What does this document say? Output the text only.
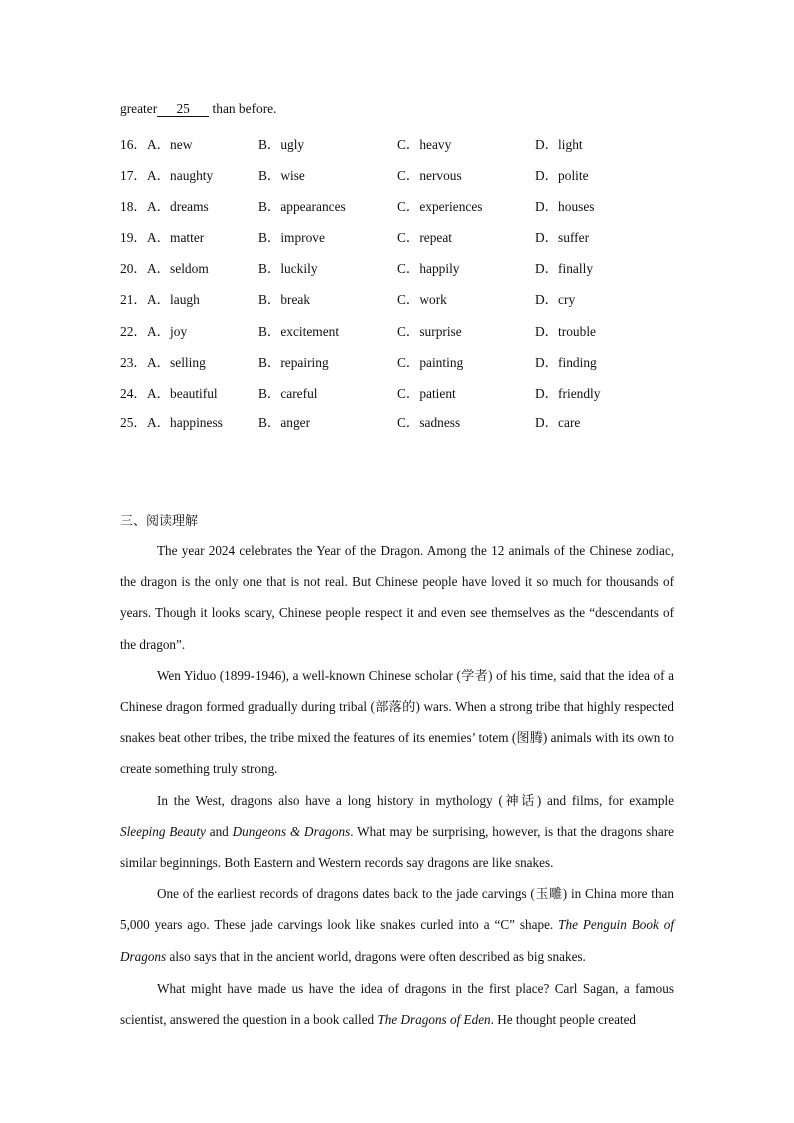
greater 25 than before.
16． A．new	B．ugly	C．heavy	D．light
17． A．naughty	B．wise	C．nervous	D．polite
18． A．dreams	B．appearances	C．experiences	D．houses
19． A．matter	B．improve	C．repeat	D．suffer
20． A．seldom	B．luckily	C．happily	D．finally
21． A．laugh	B．break	C．work	D．cry
22． A．joy	B．excitement	C．surprise	D．trouble
23． A．selling	B．repairing	C．painting	D．finding
24． A．beautiful	B．careful	C．patient	D．friendly
25． A．happiness	B．anger	C．sadness	D．care
三、阅读理解

The year 2024 celebrates the Year of the Dragon. Among the 12 animals of the Chinese zodiac, the dragon is the only one that is not real. But Chinese people have loved it so much for thousands of years. Though it looks scary, Chinese people respect it and even see themselves as the “descendants of the dragon”.

Wen Yiduo (1899-1946), a well-known Chinese scholar (学者) of his time, said that the idea of a Chinese dragon formed gradually during tribal (部落的) wars. When a strong tribe that highly respected snakes beat other tribes, the tribe mixed the features of its enemies’ totem (图腾) animals with its own to create something truly strong.

In the West, dragons also have a long history in mythology (神话) and films, for example Sleeping Beauty and Dungeons & Dragons. What may be surprising, however, is that the dragons share similar beginnings. Both Eastern and Western records say dragons are like snakes.

One of the earliest records of dragons dates back to the jade carvings (玉雕) in China more than 5,000 years ago. These jade carvings look like snakes curled into a “C” shape. The Penguin Book of Dragons also says that in the ancient world, dragons were often described as big snakes.

What might have made us have the idea of dragons in the first place? Carl Sagan, a famous scientist, answered the question in a book called The Dragons of Eden. He thought people created
